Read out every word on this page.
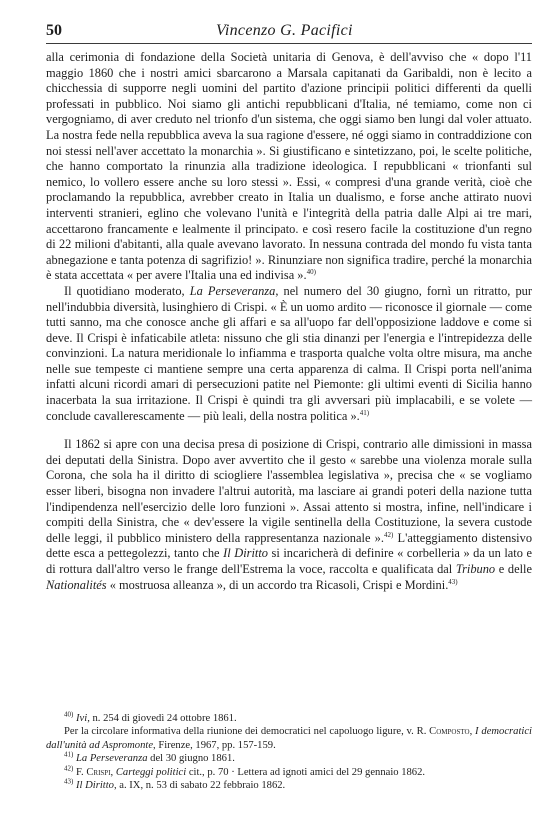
50	Vincenzo G. Pacifici

alla cerimonia di fondazione della Società unitaria di Genova, è dell'avviso che « dopo l'11 maggio 1860 che i nostri amici sbarcarono a Marsala capitanati da Garibaldi, non è lecito a chicchessia di supporre negli uomini del partito d'azione principii politici differenti da quelli professati in pubblico. Noi siamo gli antichi repubblicani d'Italia, né temiamo, come non ci vergogniamo, di aver creduto nel trionfo d'un sistema, che oggi siamo ben lungi dal voler attuato. La nostra fede nella repubblica aveva la sua ragione d'essere, né oggi siamo in contraddizione con noi stessi nell'aver accettato la monarchia ». Si giustificano e sintetizzano, poi, le scelte politiche, che hanno comportato la rinunzia alla tradizione ideologica. I repubblicani « trionfanti sul nemico, lo vollero essere anche su loro stessi ». Essi, « compresi d'una grande verità, cioè che proclamando la repubblica, avrebber creato in Italia un dualismo, e forse anche attirato nuovi interventi stranieri, eglino che volevano l'unità e l'integrità della patria dalle Alpi ai tre mari, accettarono francamente e lealmente il principato. e così resero facile la costituzione d'un regno di 22 milioni d'abitanti, alla quale avevano lavorato. In nessuna contrada del mondo fu vista tanta abnegazione e tanta potenza di sagrifizio! ». Rinunziare non significa tradire, perché la monarchia è stata accettata « per avere l'Italia una ed indivisa ».$^{40)}$

Il quotidiano moderato, La Perseveranza, nel numero del 30 giugno, fornì un ritratto, pur nell'indubbia diversità, lusinghiero di Crispi. « È un uomo ardito — riconosce il giornale — come tutti sanno, ma che conosce anche gli affari e sa all'uopo far dell'opposizione laddove e come si deve. Il Crispi è infaticabile atleta: nissuno che gli stia dinanzi per l'energia e l'intrepidezza delle convinzioni. La natura meridionale lo infiamma e trasporta qualche volta oltre misura, ma anche nelle sue tempeste ci mantiene sempre una certa apparenza di calma. Il Crispi porta nell'anima infatti alcuni ricordi amari di persecuzioni patite nel Piemonte: gli ultimi eventi di Sicilia hanno inacerbata la sua irritazione. Il Crispi è quindi tra gli avversari più implacabili, e se volete — conclude cavallerescamente — più leali, della nostra politica ».$^{41)}$

Il 1862 si apre con una decisa presa di posizione di Crispi, contrario alle dimissioni in massa dei deputati della Sinistra. Dopo aver avvertito che il gesto « sarebbe una violenza morale sulla Corona, che sola ha il diritto di sciogliere l'assemblea legislativa », precisa che « se vogliamo esser liberi, bisogna non invadere l'altrui autorità, ma lasciare ai grandi poteri della nazione tutta l'indipendenza nell'esercizio delle loro funzioni ». Assai attento si mostra, infine, nell'indicare i compiti della Sinistra, che « dev'essere la vigile sentinella della Costituzione, la severa custode delle leggi, il pubblico ministero della rappresentanza nazionale ».$^{42)}$ L'atteggiamento distensivo dette esca a pettegolezzi, tanto che Il Diritto si incaricherà di definire « corbelleria » da un lato e di rottura dall'altro verso le frange dell'Estrema la voce, raccolta e qualificata dal Tribuno e delle Nationalités « mostruosa alleanza », di un accordo tra Ricasoli, Crispi e Mordini.$^{43)}$

$^{40)}$ Ivi, n. 254 di giovedì 24 ottobre 1861.

Per la circolare informativa della riunione dei democratici nel capoluogo ligure, v. R. Composto, I democratici dall'unità ad Aspromonte, Firenze, 1967, pp. 157-159.

$^{41)}$ La Perseveranza del 30 giugno 1861.

$^{42)}$ F. Crispi, Carteggi politici cit., p. 70 · Lettera ad ignoti amici del 29 gennaio 1862.

$^{43)}$ Il Diritto, a. IX, n. 53 di sabato 22 febbraio 1862.
